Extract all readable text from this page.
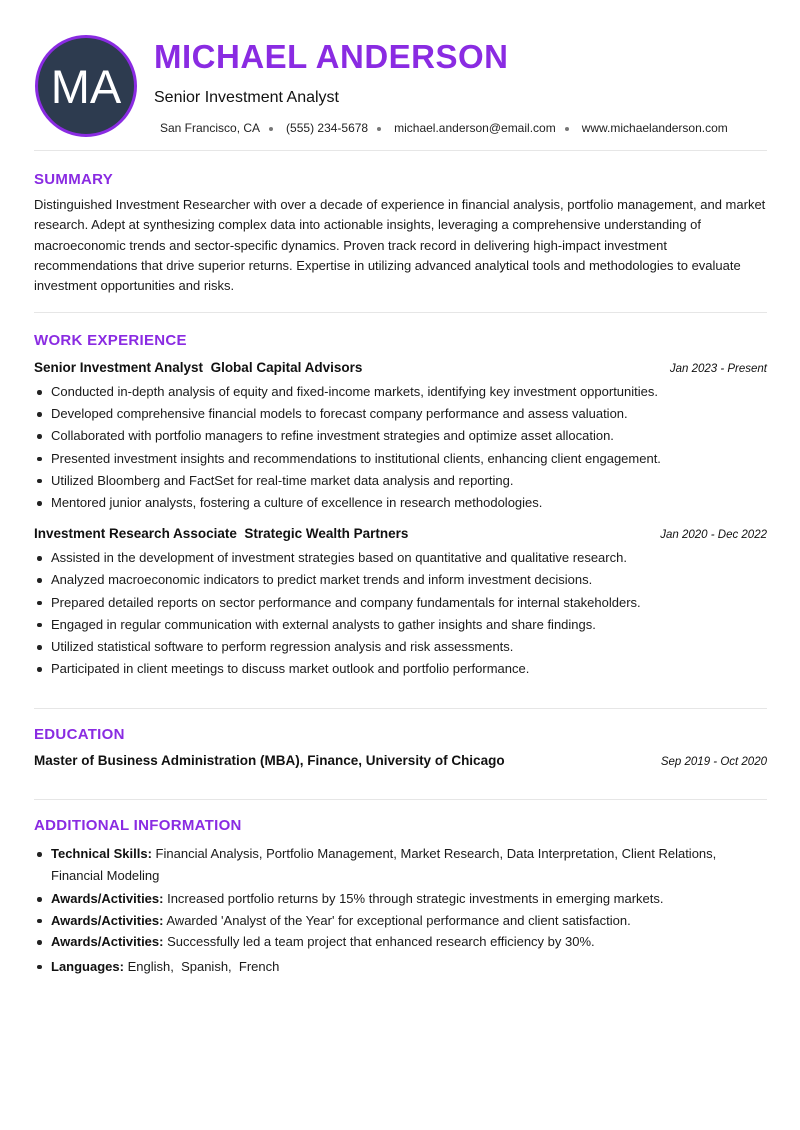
MA
MICHAEL ANDERSON
Senior Investment Analyst
San Francisco, CA (555) 234-5678 michael.anderson@email.com www.michaelanderson.com
SUMMARY

Distinguished Investment Researcher with over a decade of experience in financial analysis, portfolio management, and market research. Adept at synthesizing complex data into actionable insights, leveraging a comprehensive understanding of macroeconomic trends and sector-specific dynamics. Proven track record in delivering high-impact investment recommendations that drive superior returns. Expertise in utilizing advanced analytical tools and methodologies to evaluate investment opportunities and risks.

WORK EXPERIENCE
Senior Investment Analyst Global Capital Advisors	Jan 2023 - Present
Conducted in-depth analysis of equity and fixed-income markets, identifying key investment opportunities.
Developed comprehensive financial models to forecast company performance and assess valuation.
Collaborated with portfolio managers to refine investment strategies and optimize asset allocation.
Presented investment insights and recommendations to institutional clients, enhancing client engagement.
Utilized Bloomberg and FactSet for real-time market data analysis and reporting.
Mentored junior analysts, fostering a culture of excellence in research methodologies.
Investment Research Associate Strategic Wealth Partners	Jan 2020 - Dec 2022
Assisted in the development of investment strategies based on quantitative and qualitative research.
Analyzed macroeconomic indicators to predict market trends and inform investment decisions.
Prepared detailed reports on sector performance and company fundamentals for internal stakeholders.
Engaged in regular communication with external analysts to gather insights and share findings.
Utilized statistical software to perform regression analysis and risk assessments.
Participated in client meetings to discuss market outlook and portfolio performance.
EDUCATION
Master of Business Administration (MBA), Finance, University of Chicago	Sep 2019 - Oct 2020
ADDITIONAL INFORMATION
Technical Skills: Financial Analysis, Portfolio Management, Market Research, Data Interpretation, Client Relations, Financial Modeling
Awards/Activities: Increased portfolio returns by 15% through strategic investments in emerging markets.
Awards/Activities: Awarded 'Analyst of the Year' for exceptional performance and client satisfaction.
Awards/Activities: Successfully led a team project that enhanced research efficiency by 30%.
Languages: English,  Spanish,  French
